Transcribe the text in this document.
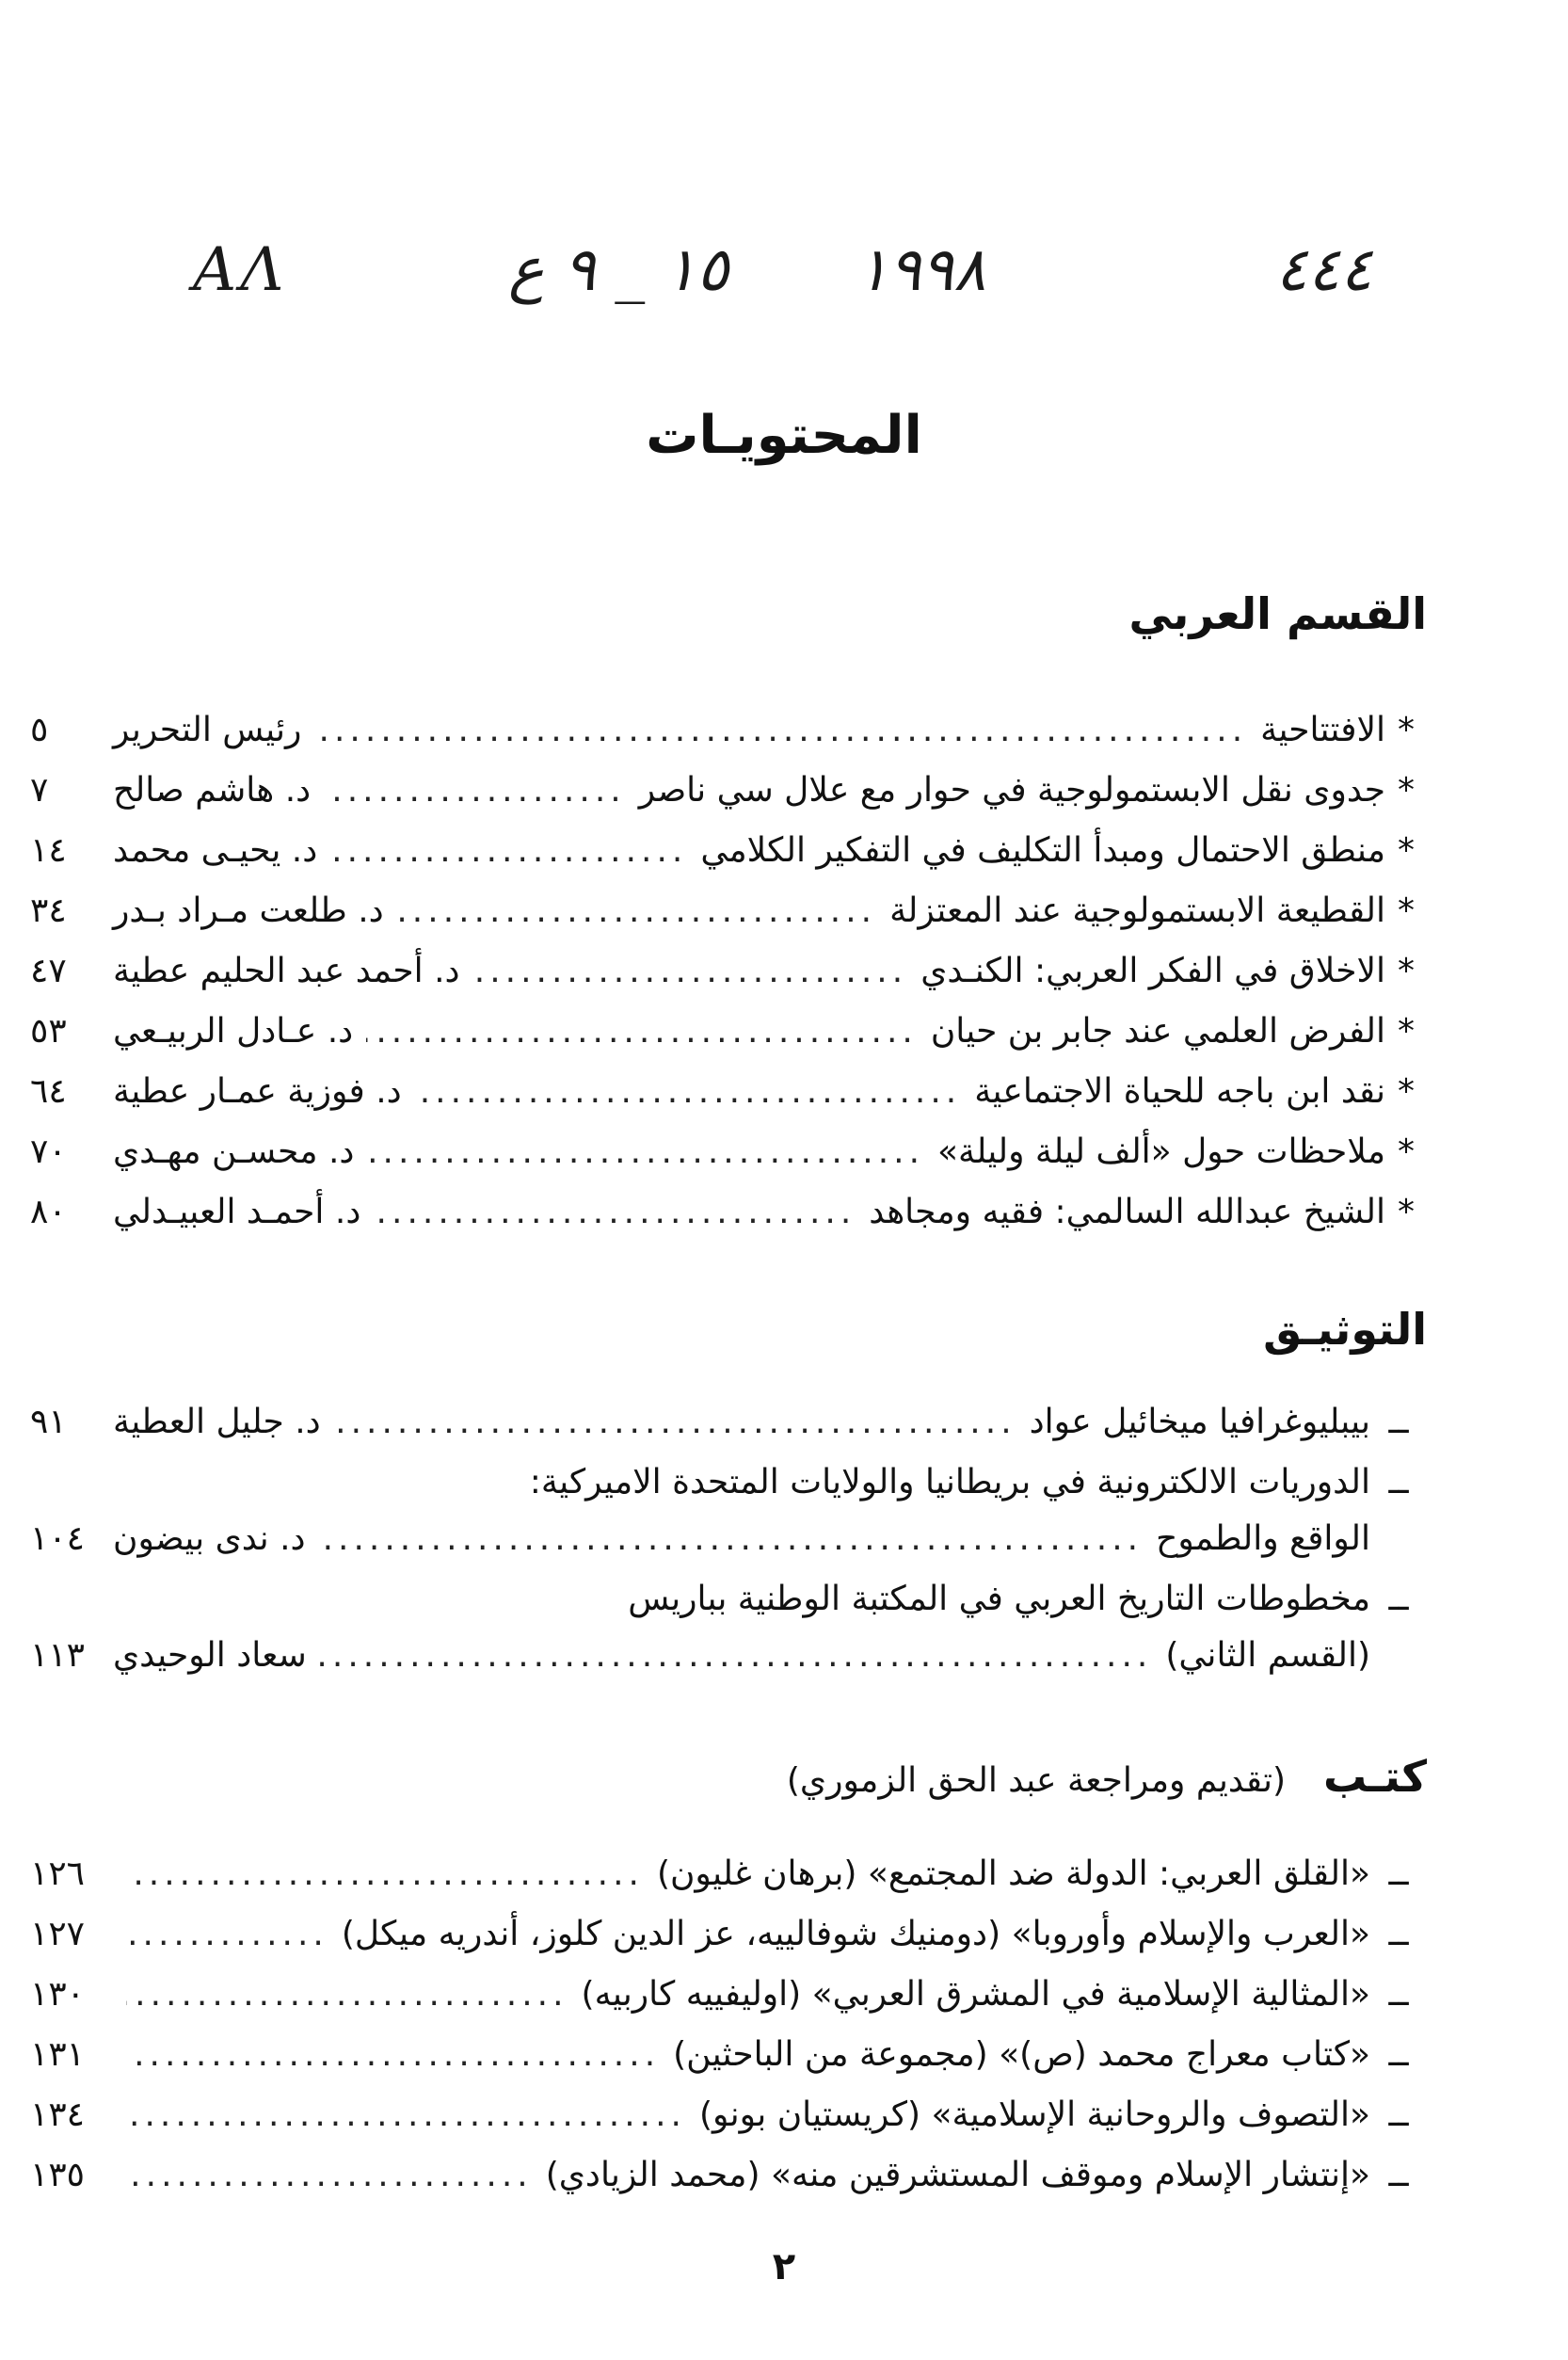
ΑΛ	١٥ _ ٩ ع ١٩٩٨	٤٤٤
المحتويـات
القسم العربي
*
الافتتاحية
.....
رئيس التحرير
٥
*
جدوى نقل الابستمولوجية في حوار مع علال سي ناصر
.....
د. هاشم صالح
٧
*
منطق الاحتمال ومبدأ التكليف في التفكير الكلامي
.....
د. يحيـى محمد
١٤
*
القطيعة الابستمولوجية عند المعتزلة
.....
د. طلعت مـراد بـدر
٣٤
*
الاخلاق في الفكر العربي: الكنـدي
.....
د. أحمد عبد الحليم عطية
٤٧
*
الفرض العلمي عند جابر بن حيان
.....
د. عـادل الربيـعي
٥٣
*
نقد ابن باجه للحياة الاجتماعية
.....
د. فوزية عمـار عطية
٦٤
*
ملاحظات حول «ألف ليلة وليلة»
.....
د. محسـن مهـدي
٧٠
*
الشيخ عبدالله السالمي: فقيه ومجاهد
.....
د. أحمـد العبيـدلي
٨٠
التوثيـق
ــ
بيبليوغرافيا ميخائيل عواد
.....
د. جليل العطية
٩١
ــ
الدوريات الالكترونية في بريطانيا والولايات المتحدة الاميركية:
الواقع والطموح
.....
د. ندى بيضون
١٠٤
ــ
مخطوطات التاريخ العربي في المكتبة الوطنية بباريس
(القسم الثاني)
.....
سعاد الوحيدي
١١٣
كتـب (تقديم ومراجعة عبد الحق الزموري)
ــ
«القلق العربي: الدولة ضد المجتمع» (برهان غليون)
.....
١٢٦
ــ
«العرب والإسلام وأوروبا» (دومنيك شوفالييه، عز الدين كلوز، أندريه ميكل)
.....
١٢٧
ــ
«المثالية الإسلامية في المشرق العربي» (اوليفييه كاربيه)
.....
١٣٠
ــ
«كتاب معراج محمد (ص)» (مجموعة من الباحثين)
.....
١٣١
ــ
«التصوف والروحانية الإسلامية» (كريستيان بونو)
.....
١٣٤
ــ
«إنتشار الإسلام وموقف المستشرقين منه» (محمد الزيادي)
.....
١٣٥
٢
